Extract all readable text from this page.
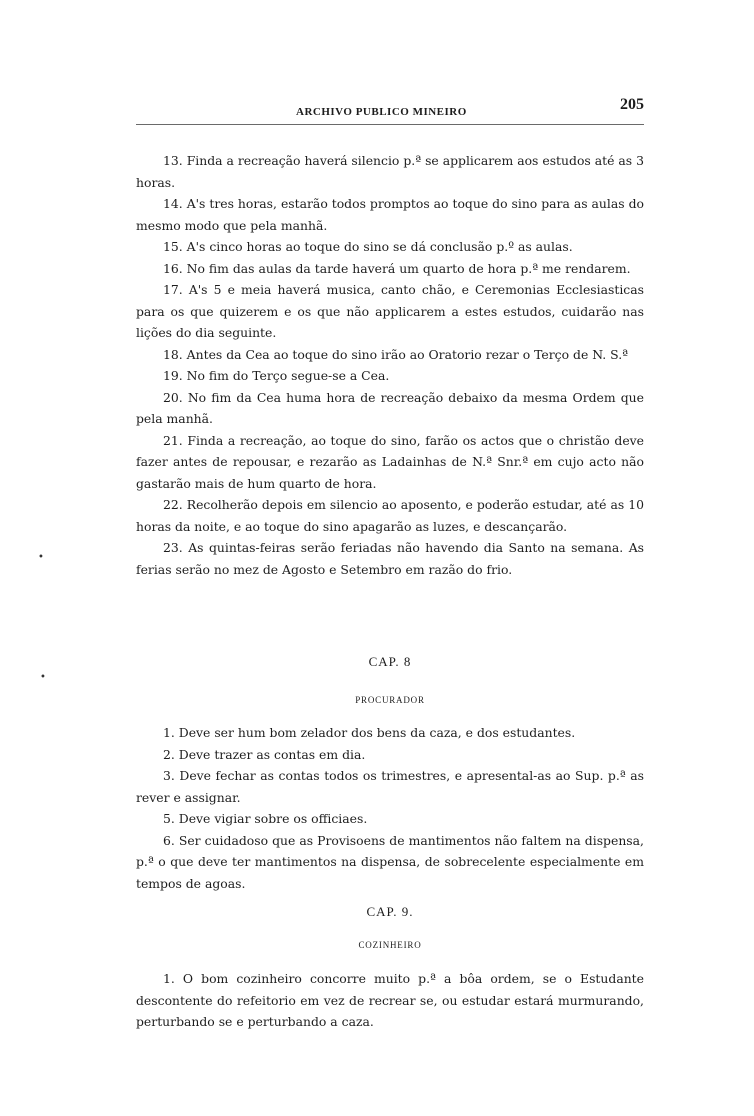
ARCHIVO PUBLICO MINEIRO	205

13. Finda a recreação haverá silencio p.ª se applicarem aos estudos até as 3 horas.

14. A's tres horas, estarão todos promptos ao toque do sino para as aulas do mesmo modo que pela manhã.

15. A's cinco horas ao toque do sino se dá conclusão p.º as aulas.

16. No fim das aulas da tarde haverá um quarto de hora p.ª me rendarem.

17. A's 5 e meia haverá musica, canto chão, e Ceremonias Ecclesiasticas para os que quizerem e os que não applicarem a estes estudos, cuidarão nas lições do dia seguinte.

18. Antes da Cea ao toque do sino irão ao Oratorio rezar o Terço de N. S.ª

19. No fim do Terço segue-se a Cea.

20. No fim da Cea huma hora de recreação debaixo da mesma Ordem que pela manhã.

21. Finda a recreação, ao toque do sino, farão os actos que o christão deve fazer antes de repousar, e rezarão as Ladainhas de N.ª Snr.ª em cujo acto não gastarão mais de hum quarto de hora.

22. Recolherão depois em silencio ao aposento, e poderão estudar, até as 10 horas da noite, e ao toque do sino apagarão as luzes, e descançarão.

23. As quintas-feiras serão feriadas não havendo dia Santo na semana. As ferias serão no mez de Agosto e Setembro em razão do frio.

•
•
CAP. 8
PROCURADOR

1. Deve ser hum bom zelador dos bens da caza, e dos estudantes.

2. Deve trazer as contas em dia.

3. Deve fechar as contas todos os trimestres, e apresental-as ao Sup. p.ª as rever e assignar.

5. Deve vigiar sobre os officiaes.

6. Ser cuidadoso que as Provisoens de mantimentos não faltem na dispensa, p.ª o que deve ter mantimentos na dispensa, de sobrecelente especialmente em tempos de agoas.

CAP. 9.
COZINHEIRO

1. O bom cozinheiro concorre muito p.ª a bôa ordem, se o Estudante descontente do refeitorio em vez de recrear se, ou estudar estará murmurando, perturbando se e perturbando a caza.
